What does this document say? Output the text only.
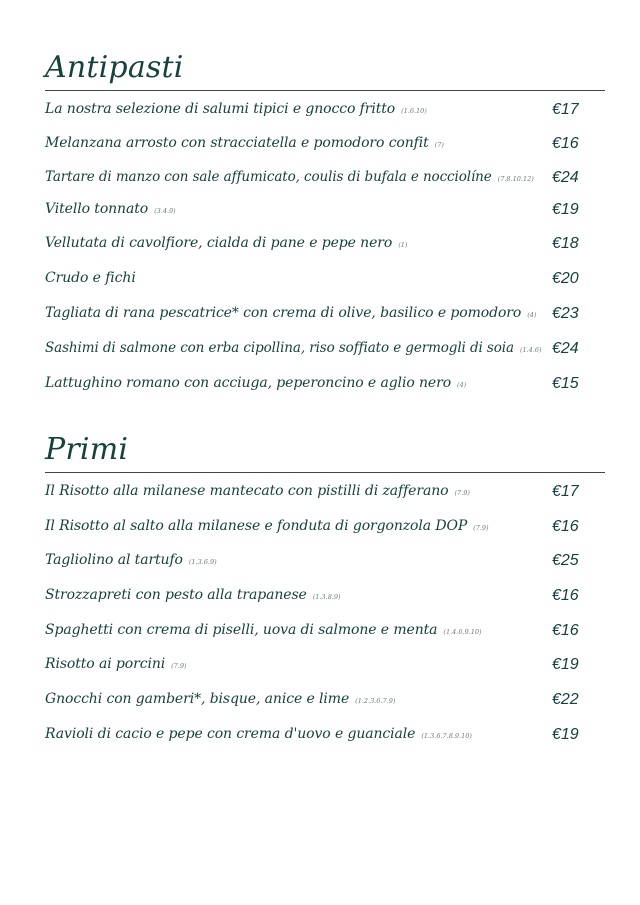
Antipasti
La nostra selezione di salumi tipici e gnocco fritto (1.6.10)	€17
Melanzana arrosto con stracciatella e pomodoro confit (7)	€16
Tartare di manzo con sale affumicato, coulis di bufala e nocciolíne (7.8.10.12) €24
Vitello tonnato (3.4.9)	€19
Vellutata di cavolfiore, cialda di pane e pepe nero (1)	€18
Crudo e fichi	€20
Tagliata di rana pescatrice* con crema di olive, basilico e pomodoro (4) €23
Sashimi di salmone con erba cipollina, riso soffiato e germogli di soia (1.4.6) €24
Lattughino romano con acciuga, peperoncino e aglio nero (4)	€15
Primi
Il Risotto alla milanese mantecato con pistilli di zafferano (7.9)	€17
Il Risotto al salto alla milanese e fonduta di gorgonzola DOP (7.9)	€16
Tagliolino al tartufo (1.3.6.9)	€25
Strozzapreti con pesto alla trapanese (1.3.8.9)	€16
Spaghetti con crema di piselli, uova di salmone e menta (1.4.6.9.10)	€16
Risotto ai porcini (7.9)	€19
Gnocchi con gamberi*, bisque, anice e lime (1.2.3.6.7.9)	€22
Ravioli di cacio e pepe con crema d'uovo e guanciale (1.3.6.7.8.9.10)	€19
